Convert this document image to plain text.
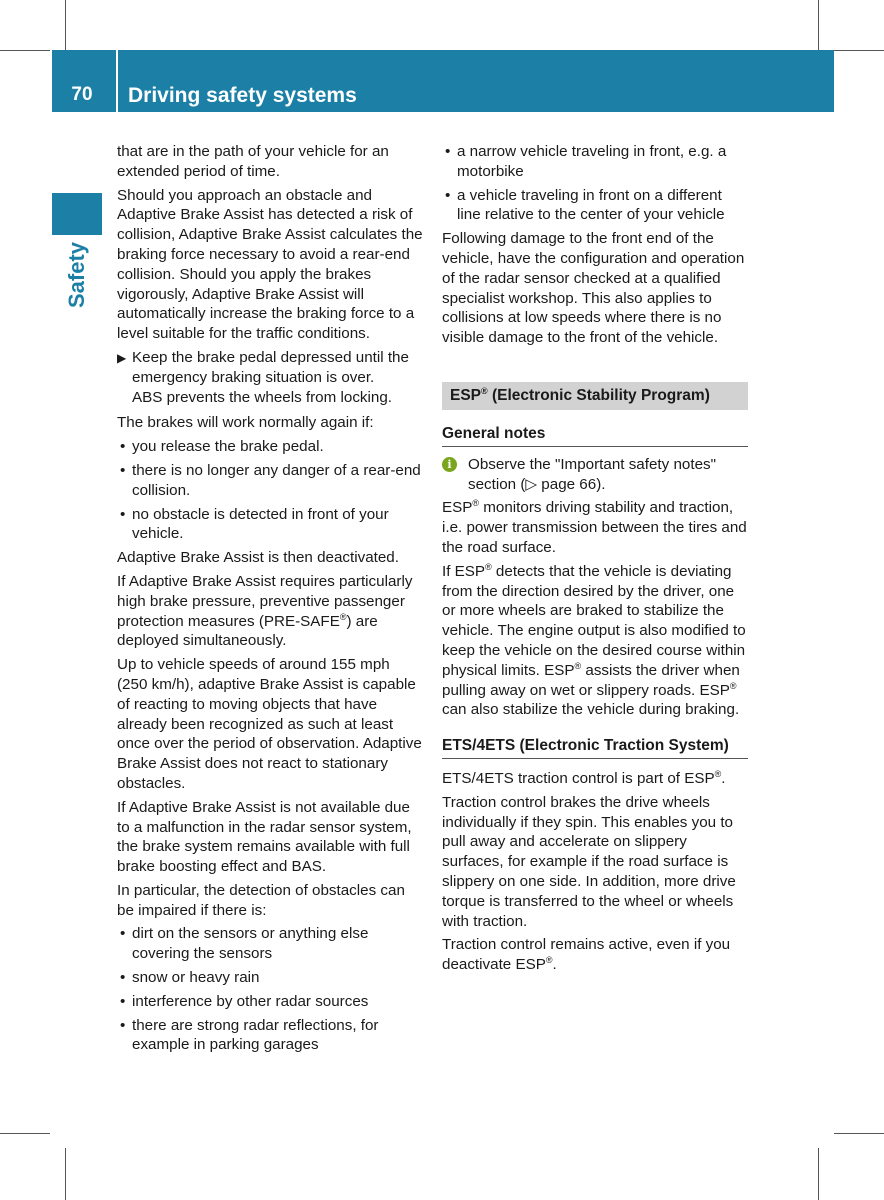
70	Driving safety systems
Safety

that are in the path of your vehicle for an extended period of time.

Should you approach an obstacle and Adaptive Brake Assist has detected a risk of collision, Adaptive Brake Assist calculates the braking force necessary to avoid a rear-end collision. Should you apply the brakes vigorously, Adaptive Brake Assist will automatically increase the braking force to a level suitable for the traffic conditions.

▶ Keep the brake pedal depressed until the emergency braking situation is over.
ABS prevents the wheels from locking.

The brakes will work normally again if:

• you release the brake pedal.
• there is no longer any danger of a rear-end collision.
• no obstacle is detected in front of your vehicle.

Adaptive Brake Assist is then deactivated.

If Adaptive Brake Assist requires particularly high brake pressure, preventive passenger protection measures (PRE-SAFE®) are deployed simultaneously.

Up to vehicle speeds of around 155 mph (250 km/h), adaptive Brake Assist is capable of reacting to moving objects that have already been recognized as such at least once over the period of observation. Adaptive Brake Assist does not react to stationary obstacles.

If Adaptive Brake Assist is not available due to a malfunction in the radar sensor system, the brake system remains available with full brake boosting effect and BAS.

In particular, the detection of obstacles can be impaired if there is:

• dirt on the sensors or anything else covering the sensors
• snow or heavy rain
• interference by other radar sources
• there are strong radar reflections, for example in parking garages
• a narrow vehicle traveling in front, e.g. a motorbike
• a vehicle traveling in front on a different line relative to the center of your vehicle

Following damage to the front end of the vehicle, have the configuration and operation of the radar sensor checked at a qualified specialist workshop. This also applies to collisions at low speeds where there is no visible damage to the front of the vehicle.

ESP® (Electronic Stability Program)
General notes
i	Observe the "Important safety notes" section (▷ page 66).

ESP® monitors driving stability and traction, i.e. power transmission between the tires and the road surface.

If ESP® detects that the vehicle is deviating from the direction desired by the driver, one or more wheels are braked to stabilize the vehicle. The engine output is also modified to keep the vehicle on the desired course within physical limits. ESP® assists the driver when pulling away on wet or slippery roads. ESP® can also stabilize the vehicle during braking.

ETS/4ETS (Electronic Traction System)

ETS/4ETS traction control is part of ESP®.

Traction control brakes the drive wheels individually if they spin. This enables you to pull away and accelerate on slippery surfaces, for example if the road surface is slippery on one side. In addition, more drive torque is transferred to the wheel or wheels with traction.

Traction control remains active, even if you deactivate ESP®.
